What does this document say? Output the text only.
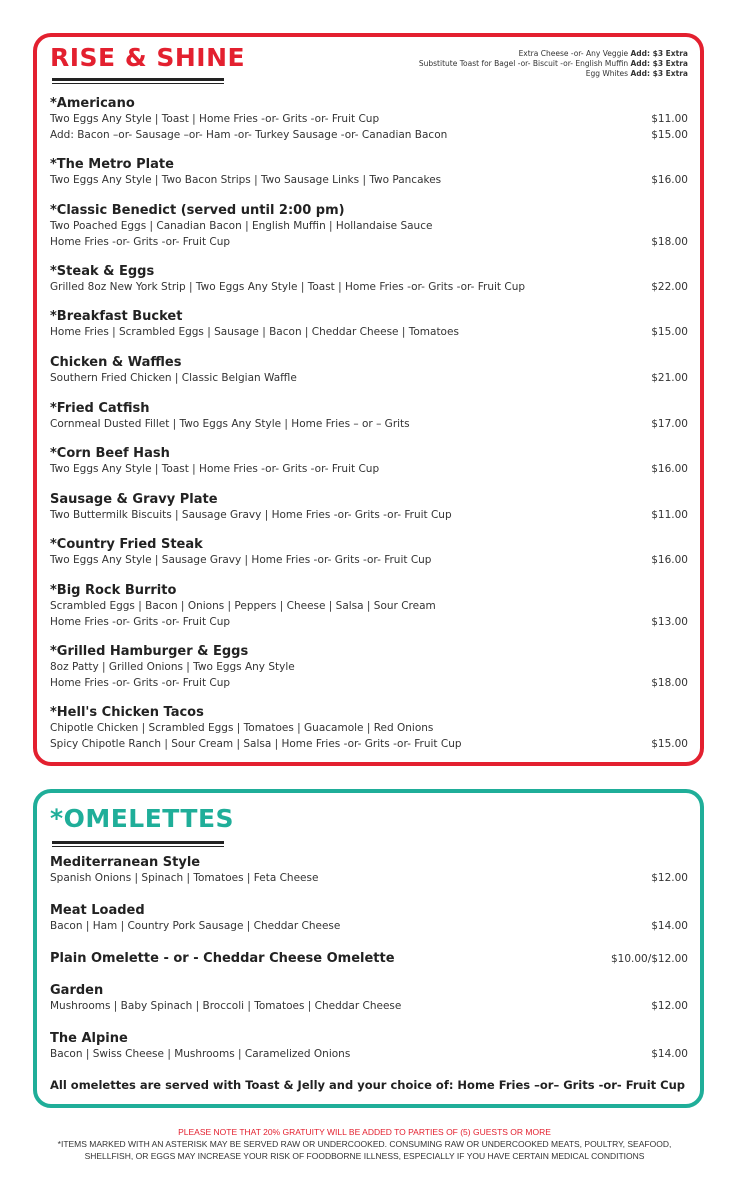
RISE & SHINE	Extra Cheese -or- Any Veggie Add: $3 Extra
Substitute Toast for Bagel -or- Biscuit -or- English Muffin Add: $3 Extra
Egg Whites Add: $3 Extra
*Americano
Two Eggs Any Style | Toast | Home Fries -or- Grits -or- Fruit Cup	$11.00
Add: Bacon –or- Sausage –or- Ham -or- Turkey Sausage -or- Canadian Bacon	$15.00
*The Metro Plate
Two Eggs Any Style | Two Bacon Strips | Two Sausage Links | Two Pancakes	$16.00
*Classic Benedict (served until 2:00 pm)
Two Poached Eggs | Canadian Bacon | English Muffin | Hollandaise Sauce
Home Fries -or- Grits -or- Fruit Cup	$18.00
*Steak & Eggs
Grilled 8oz New York Strip | Two Eggs Any Style | Toast | Home Fries -or- Grits -or- Fruit Cup	$22.00
*Breakfast Bucket
Home Fries | Scrambled Eggs | Sausage | Bacon | Cheddar Cheese | Tomatoes	$15.00
Chicken & Waffles
Southern Fried Chicken | Classic Belgian Waffle	$21.00
*Fried Catfish
Cornmeal Dusted Fillet | Two Eggs Any Style | Home Fries – or – Grits	$17.00
*Corn Beef Hash
Two Eggs Any Style | Toast | Home Fries -or- Grits -or- Fruit Cup	$16.00
Sausage & Gravy Plate
Two Buttermilk Biscuits | Sausage Gravy | Home Fries -or- Grits -or- Fruit Cup	$11.00
*Country Fried Steak
Two Eggs Any Style | Sausage Gravy | Home Fries -or- Grits -or- Fruit Cup	$16.00
*Big Rock Burrito
Scrambled Eggs | Bacon | Onions | Peppers | Cheese | Salsa | Sour Cream
Home Fries -or- Grits -or- Fruit Cup	$13.00
*Grilled Hamburger & Eggs
8oz Patty | Grilled Onions | Two Eggs Any Style
Home Fries -or- Grits -or- Fruit Cup	$18.00
*Hell's Chicken Tacos
Chipotle Chicken | Scrambled Eggs | Tomatoes | Guacamole | Red Onions
Spicy Chipotle Ranch | Sour Cream | Salsa | Home Fries -or- Grits -or- Fruit Cup	$15.00
*OMELETTES
Mediterranean Style
Spanish Onions | Spinach | Tomatoes | Feta Cheese	$12.00
Meat Loaded
Bacon | Ham | Country Pork Sausage | Cheddar Cheese	$14.00
Plain Omelette - or - Cheddar Cheese Omelette	$10.00/$12.00
Garden
Mushrooms | Baby Spinach | Broccoli | Tomatoes | Cheddar Cheese	$12.00
The Alpine
Bacon | Swiss Cheese | Mushrooms | Caramelized Onions	$14.00
All omelettes are served with Toast & Jelly and your choice of: Home Fries –or– Grits -or- Fruit Cup
PLEASE NOTE THAT 20% GRATUITY WILL BE ADDED TO PARTIES OF (5) GUESTS OR MORE
*ITEMS MARKED WITH AN ASTERISK MAY BE SERVED RAW OR UNDERCOOKED. CONSUMING RAW OR UNDERCOOKED MEATS, POULTRY, SEAFOOD,
SHELLFISH, OR EGGS MAY INCREASE YOUR RISK OF FOODBORNE ILLNESS, ESPECIALLY IF YOU HAVE CERTAIN MEDICAL CONDITIONS
